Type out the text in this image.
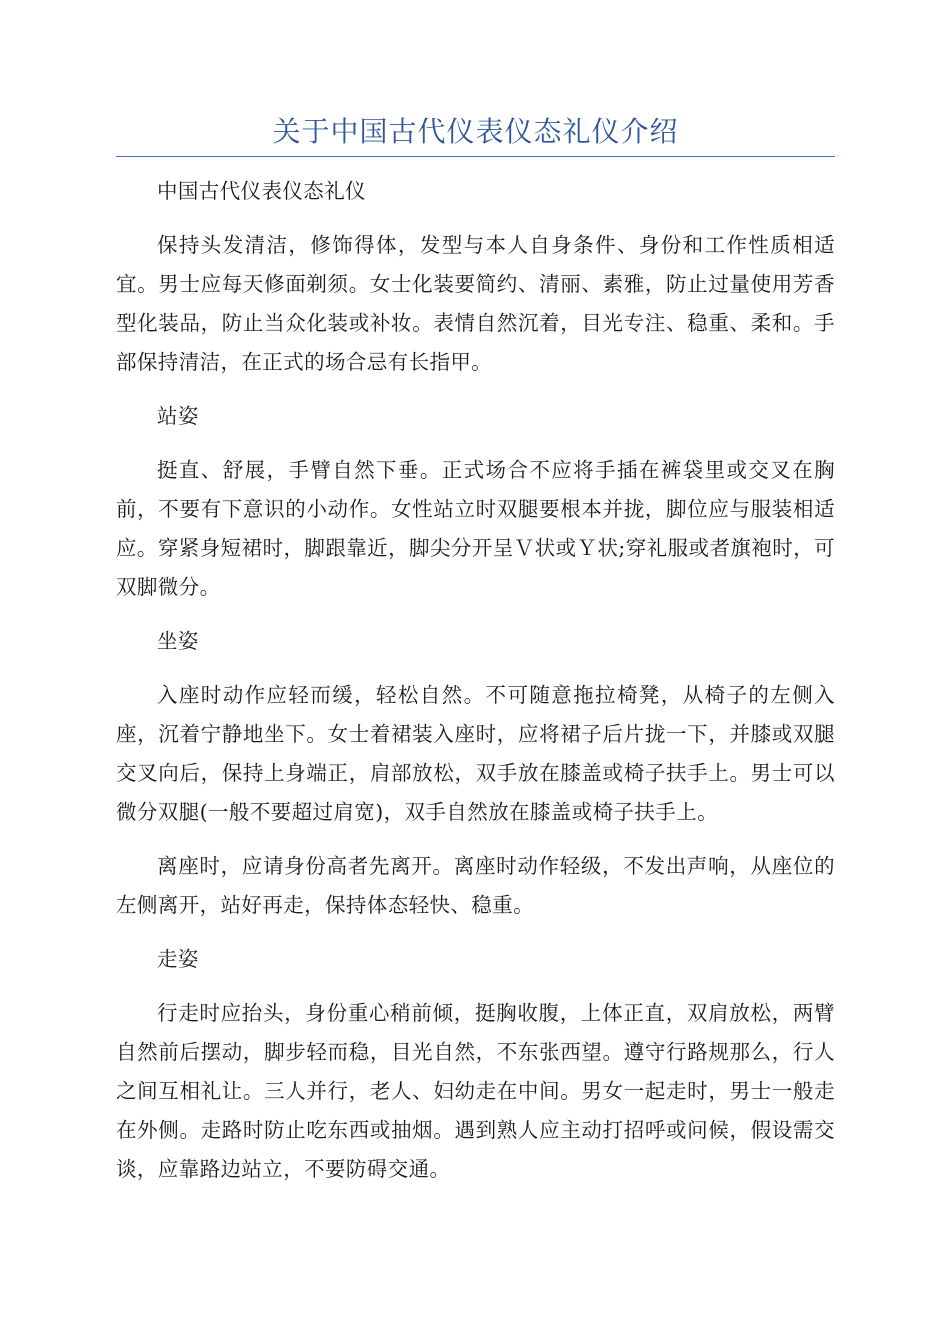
关于中国古代仪表仪态礼仪介绍

中国古代仪表仪态礼仪

保持头发清洁，修饰得体，发型与本人自身条件、身份和工作性质相适宜。男士应每天修面剃须。女士化装要简约、清丽、素雅，防止过量使用芳香型化装品，防止当众化装或补妆。表情自然沉着，目光专注、稳重、柔和。手部保持清洁，在正式的场合忌有长指甲。

站姿

挺直、舒展，手臂自然下垂。正式场合不应将手插在裤袋里或交叉在胸前，不要有下意识的小动作。女性站立时双腿要根本并拢，脚位应与服装相适应。穿紧身短裙时，脚跟靠近，脚尖分开呈Ｖ状或Ｙ状;穿礼服或者旗袍时，可双脚微分。

坐姿

入座时动作应轻而缓，轻松自然。不可随意拖拉椅凳，从椅子的左侧入座，沉着宁静地坐下。女士着裙装入座时，应将裙子后片拢一下，并膝或双腿交叉向后，保持上身端正，肩部放松，双手放在膝盖或椅子扶手上。男士可以微分双腿(一般不要超过肩宽)，双手自然放在膝盖或椅子扶手上。

离座时，应请身份高者先离开。离座时动作轻级，不发出声响，从座位的左侧离开，站好再走，保持体态轻快、稳重。

走姿

行走时应抬头，身份重心稍前倾，挺胸收腹，上体正直，双肩放松，两臂自然前后摆动，脚步轻而稳，目光自然，不东张西望。遵守行路规那么，行人之间互相礼让。三人并行，老人、妇幼走在中间。男女一起走时，男士一般走在外侧。走路时防止吃东西或抽烟。遇到熟人应主动打招呼或问候，假设需交谈，应靠路边站立，不要防碍交通。
